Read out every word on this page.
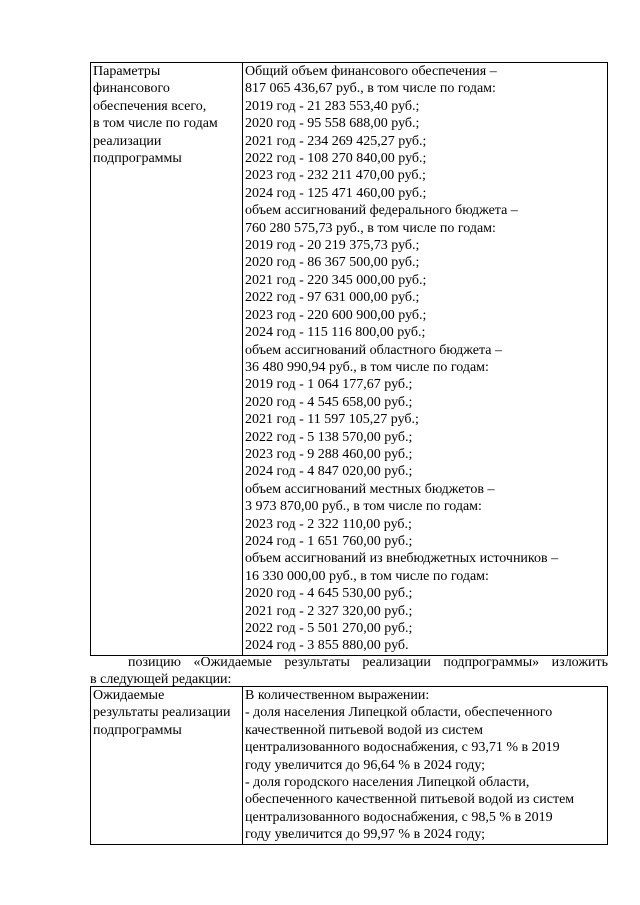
Параметры
финансового
обеспечения всего,
в том числе по годам
реализации
подпрограммы

Общий объем финансового обеспечения –
817 065 436,67 руб., в том числе по годам:
2019 год - 21 283 553,40 руб.;
2020 год - 95 558 688,00 руб.;
2021 год - 234 269 425,27 руб.;
2022 год - 108 270 840,00 руб.;
2023 год - 232 211 470,00 руб.;
2024 год - 125 471 460,00 руб.;
объем ассигнований федерального бюджета –
760 280 575,73 руб., в том числе по годам:
2019 год - 20 219 375,73 руб.;
2020 год - 86 367 500,00 руб.;
2021 год - 220 345 000,00 руб.;
2022 год - 97 631 000,00 руб.;
2023 год - 220 600 900,00 руб.;
2024 год - 115 116 800,00 руб.;
объем ассигнований областного бюджета –
36 480 990,94 руб., в том числе по годам:
2019 год - 1 064 177,67 руб.;
2020 год - 4 545 658,00 руб.;
2021 год - 11 597 105,27 руб.;
2022 год - 5 138 570,00 руб.;
2023 год - 9 288 460,00 руб.;
2024 год - 4 847 020,00 руб.;
объем ассигнований местных бюджетов –
3 973 870,00 руб., в том числе по годам:
2023 год - 2 322 110,00 руб.;
2024 год - 1 651 760,00 руб.;
объем ассигнований из внебюджетных источников –
16 330 000,00 руб., в том числе по годам:
2020 год - 4 645 530,00 руб.;
2021 год - 2 327 320,00 руб.;
2022 год - 5 501 270,00 руб.;
2024 год - 3 855 880,00 руб.
позицию «Ожидаемые результаты реализации подпрограммы» изложить
в следующей редакции:
Ожидаемые
результаты реализации
подпрограммы

В количественном выражении:
- доля населения Липецкой области, обеспеченного
качественной питьевой водой из систем
централизованного водоснабжения, с 93,71 % в 2019
году увеличится до 96,64 % в 2024 году;
- доля городского населения Липецкой области,
обеспеченного качественной питьевой водой из систем
централизованного водоснабжения, с 98,5 % в 2019
году увеличится до 99,97 % в 2024 году;
